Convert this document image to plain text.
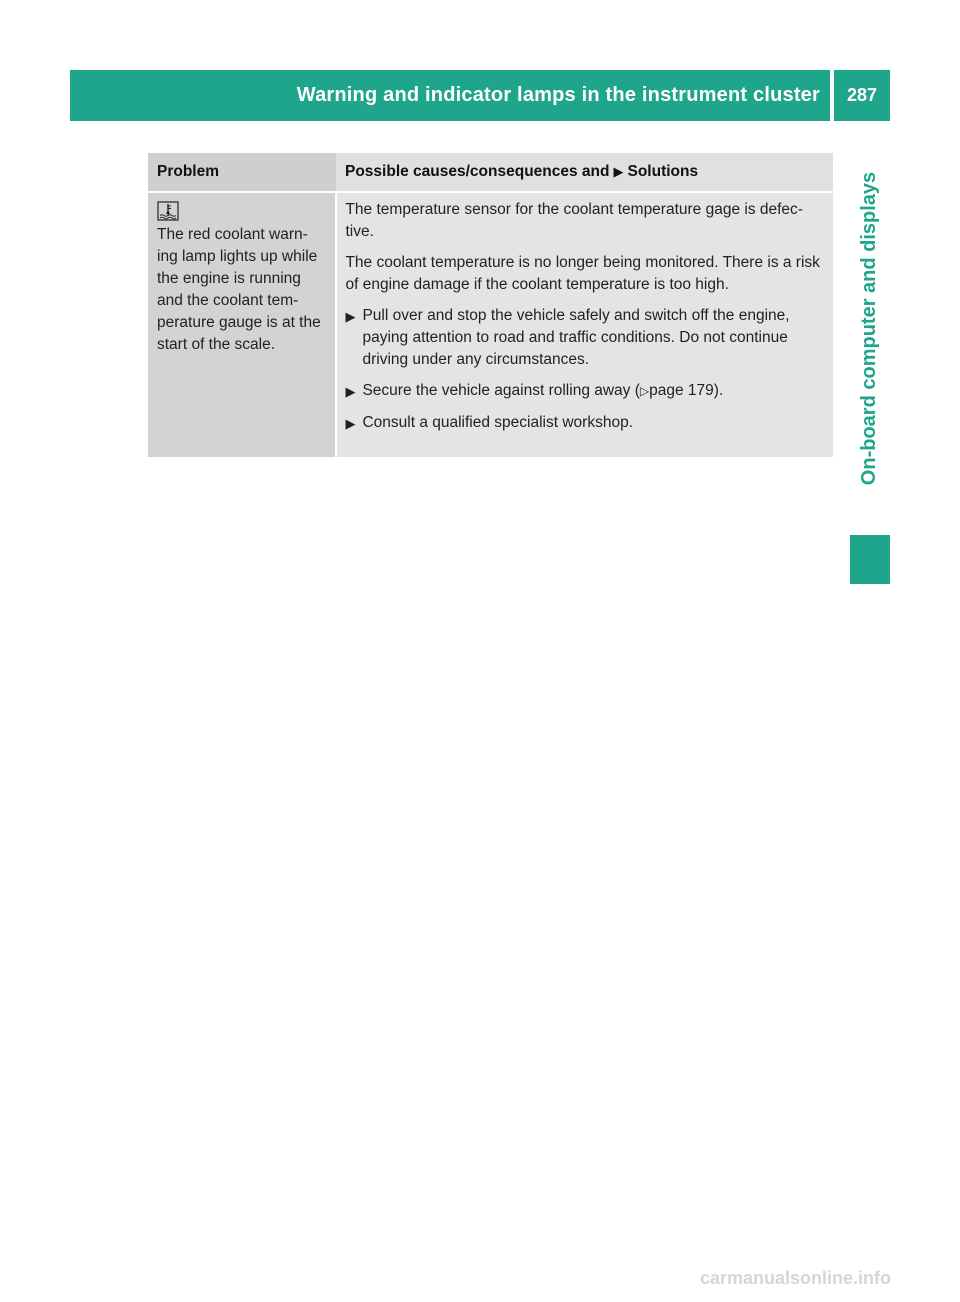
Warning and indicator lamps in the instrument cluster 287
On-board computer and displays
Problem	Possible causes/consequences and ▶ Solutions
The red coolant warn- ing lamp lights up while the engine is running and the coolant tem- perature gauge is at the start of the scale.

The temperature sensor for the coolant temperature gage is defec- tive.

The coolant temperature is no longer being monitored. There is a risk of engine damage if the coolant temperature is too high.

▶ Pull over and stop the vehicle safely and switch off the engine, paying attention to road and traffic conditions. Do not continue driving under any circumstances.
▶ Secure the vehicle against rolling away (▷page 179).
▶ Consult a qualified specialist workshop.
carmanualsonline.info
